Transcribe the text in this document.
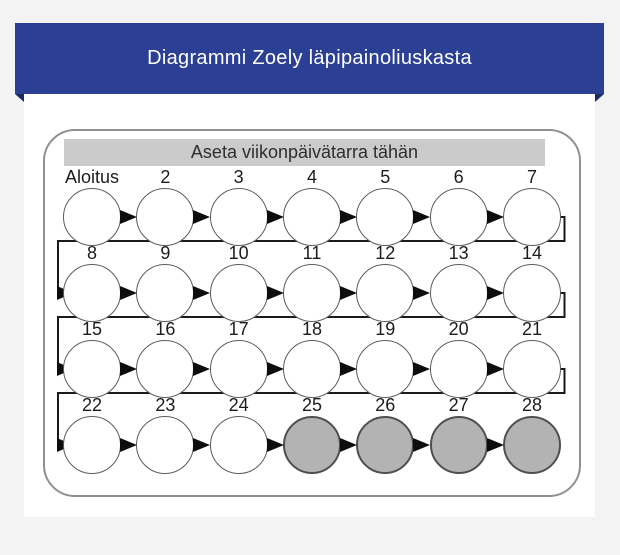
Diagrammi Zoely läpipainoliuskasta
Aseta viikonpäivätarra tähän
Aloitus	2	3	4	5	6	7
8	9	10	11	12	13	14
15	16	17	18	19	20	21
22	23	24	25	26	27	28
